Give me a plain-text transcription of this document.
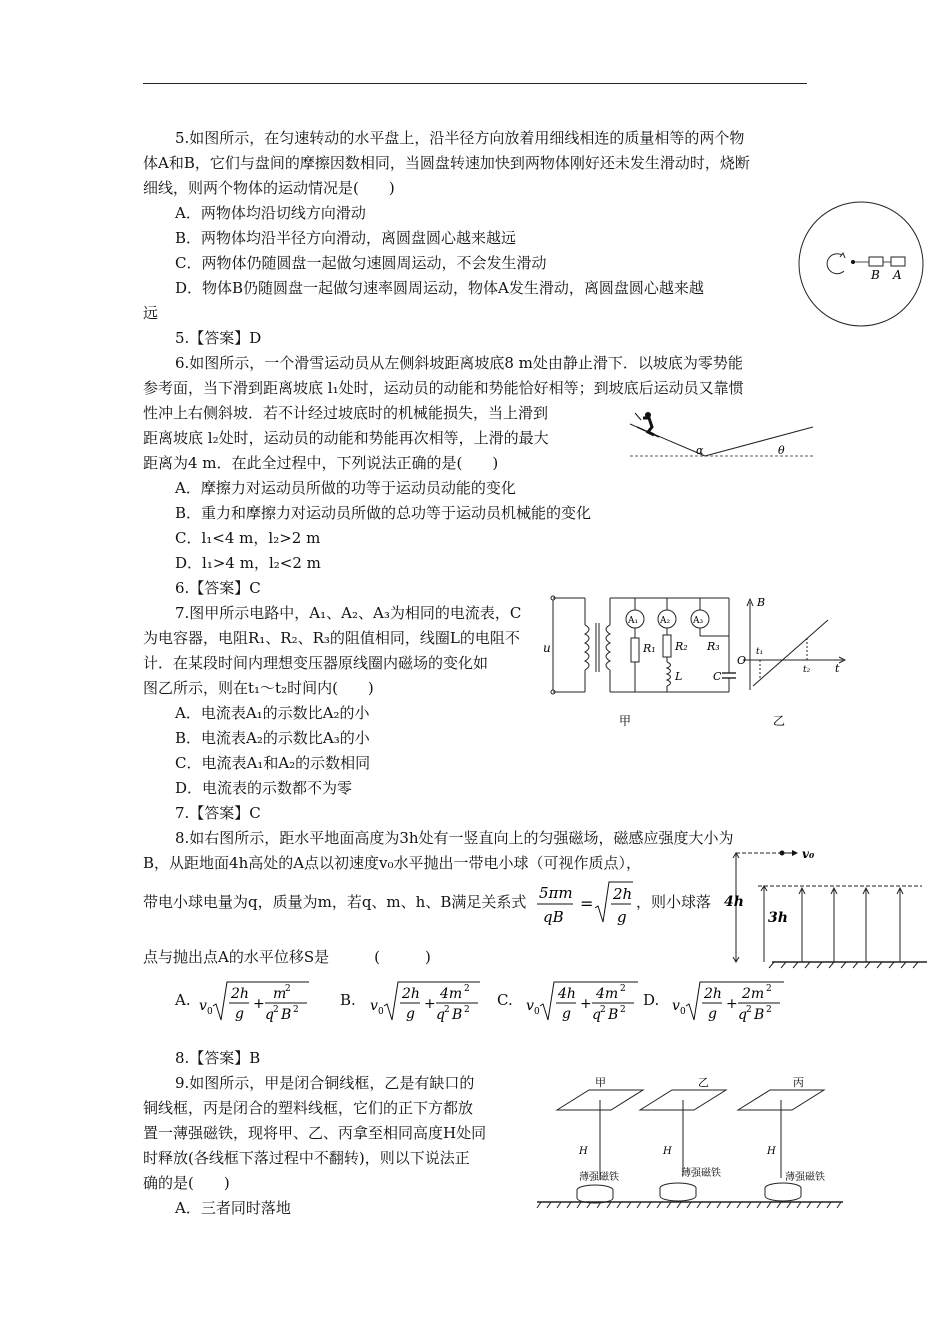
5.如图所示，在匀速转动的水平盘上，沿半径方向放着用细线相连的质量相等的两个物
体A和B，它们与盘间的摩擦因数相同，当圆盘转速加快到两物体刚好还未发生滑动时，烧断
细线，则两个物体的运动情况是(　　)
A．两物体均沿切线方向滑动
B．两物体均沿半径方向滑动，离圆盘圆心越来越远
C．两物体仍随圆盘一起做匀速圆周运动，不会发生滑动
D．物体B仍随圆盘一起做匀速率圆周运动，物体A发生滑动，离圆盘圆心越来越
远
5.【答案】D
B A
6.如图所示，一个滑雪运动员从左侧斜坡距离坡底8 m处由静止滑下．以坡底为零势能
参考面，当下滑到距离坡底 l₁处时，运动员的动能和势能恰好相等；到坡底后运动员又靠惯
性冲上右侧斜坡．若不计经过坡底时的机械能损失，当上滑到
距离坡底 l₂处时，运动员的动能和势能再次相等，上滑的最大
距离为4 m．在此全过程中，下列说法正确的是(　　)
A．摩擦力对运动员所做的功等于运动员动能的变化
B．重力和摩擦力对运动员所做的总功等于运动员机械能的变化
C．l₁<4 m，l₂>2 m
D．l₁>4 m，l₂<2 m
6.【答案】C
α	θ
7.图甲所示电路中，A₁、A₂、A₃为相同的电流表，C
为电容器，电阻R₁、R₂、R₃的阻值相同，线圈L的电阻不
计．在某段时间内理想变压器原线圈内磁场的变化如
图乙所示，则在t₁～t₂时间内(　　)
A．电流表A₁的示数比A₂的小
B．电流表A₂的示数比A₃的小
C．电流表A₁和A₂的示数相同
D．电流表的示数都不为零
7.【答案】C
u
A₁
R₁
A₂
R₂
L
A₃
R₃
C
甲
B
O
t
t₁
t₂
乙
8.如右图所示，距水平地面高度为3h处有一竖直向上的匀强磁场，磁感应强度大小为
B，从距地面4h高处的A点以初速度v₀水平抛出一带电小球（可视作质点），
带电小球电量为q，质量为m，若q、m、h、B满足关系式 5πm
qB
= 2h
g
，则小球落
点与抛出点A的水平位移S是　　　(　　　)
A. v 0
2h
g
+
m
2
q 2 B 2
B. v 0
2h
g
+
4m 2
q 2 B 2
C. v 0
4h
g
+
4m 2
q 2 B 2
D. v 0
2h
g
+
2m 2
q 2 B 2
8.【答案】B
v₀
4h
3h
9.如图所示，甲是闭合铜线框，乙是有缺口的
铜线框，丙是闭合的塑料线框，它们的正下方都放
置一薄强磁铁，现将甲、乙、丙拿至相同高度H处同
时释放(各线框下落过程中不翻转)，则以下说法正
确的是(　　)
A．三者同时落地
甲	乙	丙
H
薄强磁铁
H
薄强磁铁
H
薄强磁铁
